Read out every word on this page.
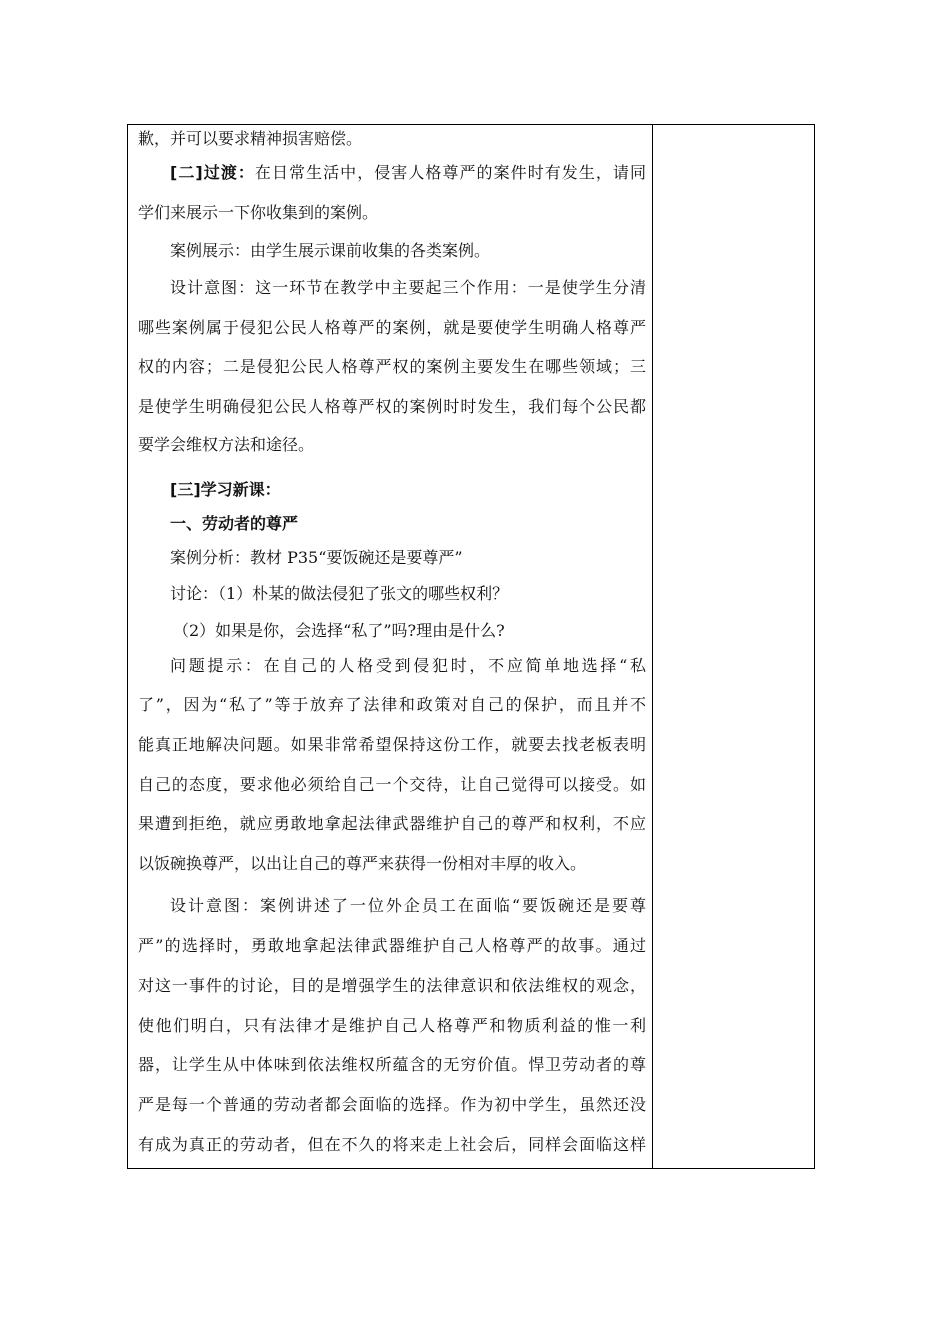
歉，并可以要求精神损害赔偿。
[二]过渡：在日常生活中，侵害人格尊严的案件时有发生，请同
学们来展示一下你收集到的案例。
案例展示：由学生展示课前收集的各类案例。
设计意图：这一环节在教学中主要起三个作用：一是使学生分清
哪些案例属于侵犯公民人格尊严的案例，就是要使学生明确人格尊严
权的内容；二是侵犯公民人格尊严权的案例主要发生在哪些领域；三
是使学生明确侵犯公民人格尊严权的案例时时发生，我们每个公民都
要学会维权方法和途径。
[三]学习新课：
一、劳动者的尊严
案例分析：教材 P35“要饭碗还是要尊严”
讨论：（1）朴某的做法侵犯了张文的哪些权利？
（2）如果是你，会选择“私了”吗?理由是什么?
问题提示：在自己的人格受到侵犯时，不应简单地选择“私
了”，因为“私了”等于放弃了法律和政策对自己的保护，而且并不
能真正地解决问题。如果非常希望保持这份工作，就要去找老板表明
自己的态度，要求他必须给自己一个交待，让自己觉得可以接受。如
果遭到拒绝，就应勇敢地拿起法律武器维护自己的尊严和权利，不应
以饭碗换尊严，以出让自己的尊严来获得一份相对丰厚的收入。
设计意图：案例讲述了一位外企员工在面临“要饭碗还是要尊
严”的选择时，勇敢地拿起法律武器维护自己人格尊严的故事。通过
对这一事件的讨论，目的是增强学生的法律意识和依法维权的观念，
使他们明白，只有法律才是维护自己人格尊严和物质利益的惟一利
器，让学生从中体味到依法维权所蕴含的无穷价值。悍卫劳动者的尊
严是每一个普通的劳动者都会面临的选择。作为初中学生，虽然还没
有成为真正的劳动者，但在不久的将来走上社会后，同样会面临这样
